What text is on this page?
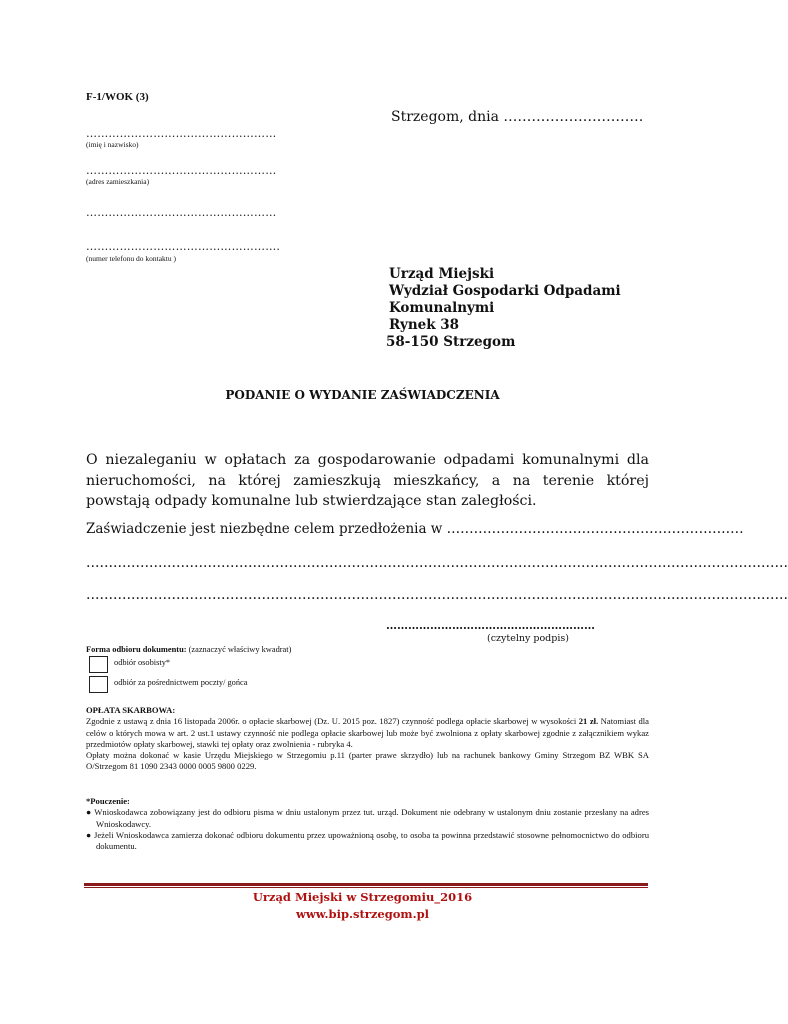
F-1/WOK (3)
Strzegom, dnia …………………………
……………………………………………
(imię i nazwisko)
……………………………………………
(adres zamieszkania)
……………………………………………
…………………………………………….
(numer telefonu do kontaktu )
Urząd Miejski
Wydział Gospodarki Odpadami
Komunalnymi
Rynek 38
58-150 Strzegom
PODANIE O WYDANIE ZAŚWIADCZENIA
O niezaleganiu w opłatach za gospodarowanie odpadami komunalnymi dla nieruchomości, na której zamieszkują mieszkańcy, a na terenie której powstają odpady komunalne lub stwierdzające stan zaległości.
Zaświadczenie jest niezbędne celem przedłożenia w …………………………………………………………
…………………………………………………………………………………………………………………………………………
…………………………………………………………………………………………………………………………………………
…………………………………………………
(czytelny podpis)
Forma odbioru dokumentu: (zaznaczyć właściwy kwadrat)
odbiór osobisty*
odbiór za pośrednictwem poczty/ gońca
OPŁATA SKARBOWA:
Zgodnie z ustawą z dnia 16 listopada 2006r. o opłacie skarbowej (Dz. U. 2015 poz. 1827) czynność podlega opłacie skarbowej w wysokości 21 zł. Natomiast dla celów o których mowa w art. 2 ust.1 ustawy czynność nie podlega opłacie skarbowej lub może być zwolniona z opłaty skarbowej zgodnie z załącznikiem wykaz przedmiotów opłaty skarbowej, stawki tej opłaty oraz zwolnienia - rubryka 4.
Opłaty można dokonać w kasie Urzędu Miejskiego w Strzegomiu p.11 (parter prawe skrzydło) lub na rachunek bankowy Gminy Strzegom BZ WBK SA O/Strzegom 81 1090 2343 0000 0005 9800 0229.
*Pouczenie:
● Wnioskodawca zobowiązany jest do odbioru pisma w dniu ustalonym przez tut. urząd. Dokument nie odebrany w ustalonym dniu zostanie przesłany na adres Wnioskodawcy.
● Jeżeli Wnioskodawca zamierza dokonać odbioru dokumentu przez upoważnioną osobę, to osoba ta powinna przedstawić stosowne pełnomocnictwo do odbioru dokumentu.
Urząd Miejski w Strzegomiu_2016
www.bip.strzegom.pl
